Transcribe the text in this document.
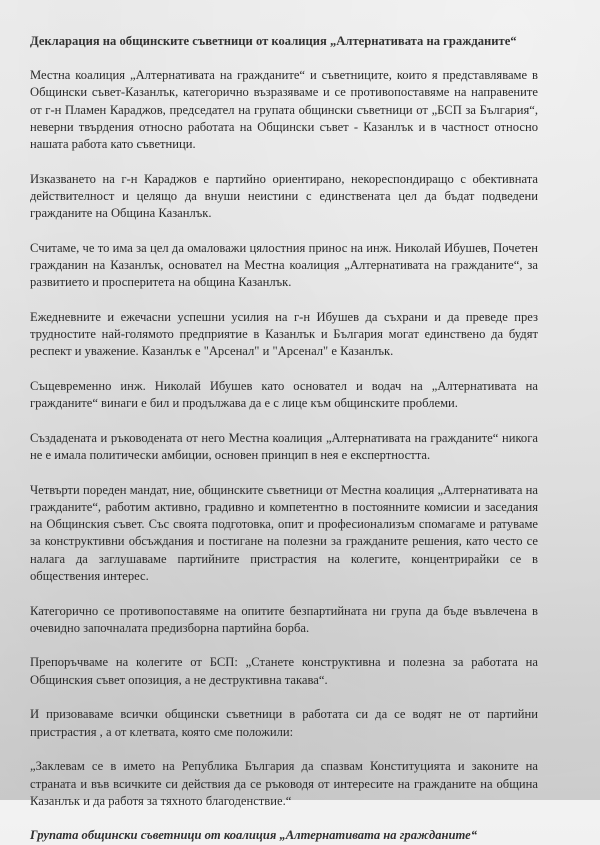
Декларация на общинските съветници от коалиция „Алтернативата на гражданите“

Местна коалиция „Алтернативата на гражданите“ и съветниците, които я представляваме в Общински съвет-Казанлък, категорично възразяваме и се противопоставяме на направените от г-н Пламен Караджов, председател на групата общински съветници от „БСП за България“, неверни твърдения относно работата на Общински съвет - Казанлък и в частност относно нашата работа като съветници.

Изказването на г-н Караджов е партийно ориентирано, некореспондиращо с обективната действителност и целящо да внуши неистини с единствената цел да бъдат подведени гражданите на Община Казанлък.

Считаме, че то има за цел да омаловажи цялостния принос на инж. Николай Ибушев, Почетен гражданин на Казанлък, основател на Местна коалиция „Алтернативата на гражданите“, за развитието и просперитета на община Казанлък.

Ежедневните и ежечасни успешни усилия на г-н Ибушев да съхрани и да преведе през трудностите най-голямото предприятие в Казанлък и България могат единствено да будят респект и уважение. Казанлък е "Арсенал" и "Арсенал" е Казанлък.

Същевременно инж. Николай Ибушев като основател и водач на „Алтернативата на гражданите“ винаги е бил и продължава да е с лице към общинските проблеми.

Създадената и ръководената от него Местна коалиция „Алтернативата на гражданите“ никога не е имала политически амбиции, основен принцип в нея е експертността.

Четвърти пореден мандат, ние, общинските съветници от Местна коалиция „Алтернативата на гражданите“, работим активно, градивно и компетентно в постоянните комисии и заседания на Общинския съвет. Със своята подготовка, опит и професионализъм спомагаме и ратуваме за конструктивни обсъждания и постигане на полезни за гражданите решения, като често се налага да заглушаваме партийните пристрастия на колегите, концентрирайки се в обществения интерес.

Категорично се противопоставяме на опитите безпартийната ни група да бъде въвлечена в очевидно започналата предизборна партийна борба.

Препоръчваме на колегите от БСП: „Станете конструктивна и полезна за работата на Общинския съвет опозиция, а не деструктивна такава“.

И призоваваме всички общински съветници в работата си да се водят не от партийни пристрастия , а от клетвата, която сме положили:

„Заклевам се в името на Република България да спазвам Конституцията и законите на страната и във всичките си действия да се ръководя от интересите на гражданите на община Казанлък и да работя за тяхното благоденствие.“

Групата общински съветници от коалиция „Алтернативата на гражданите“
